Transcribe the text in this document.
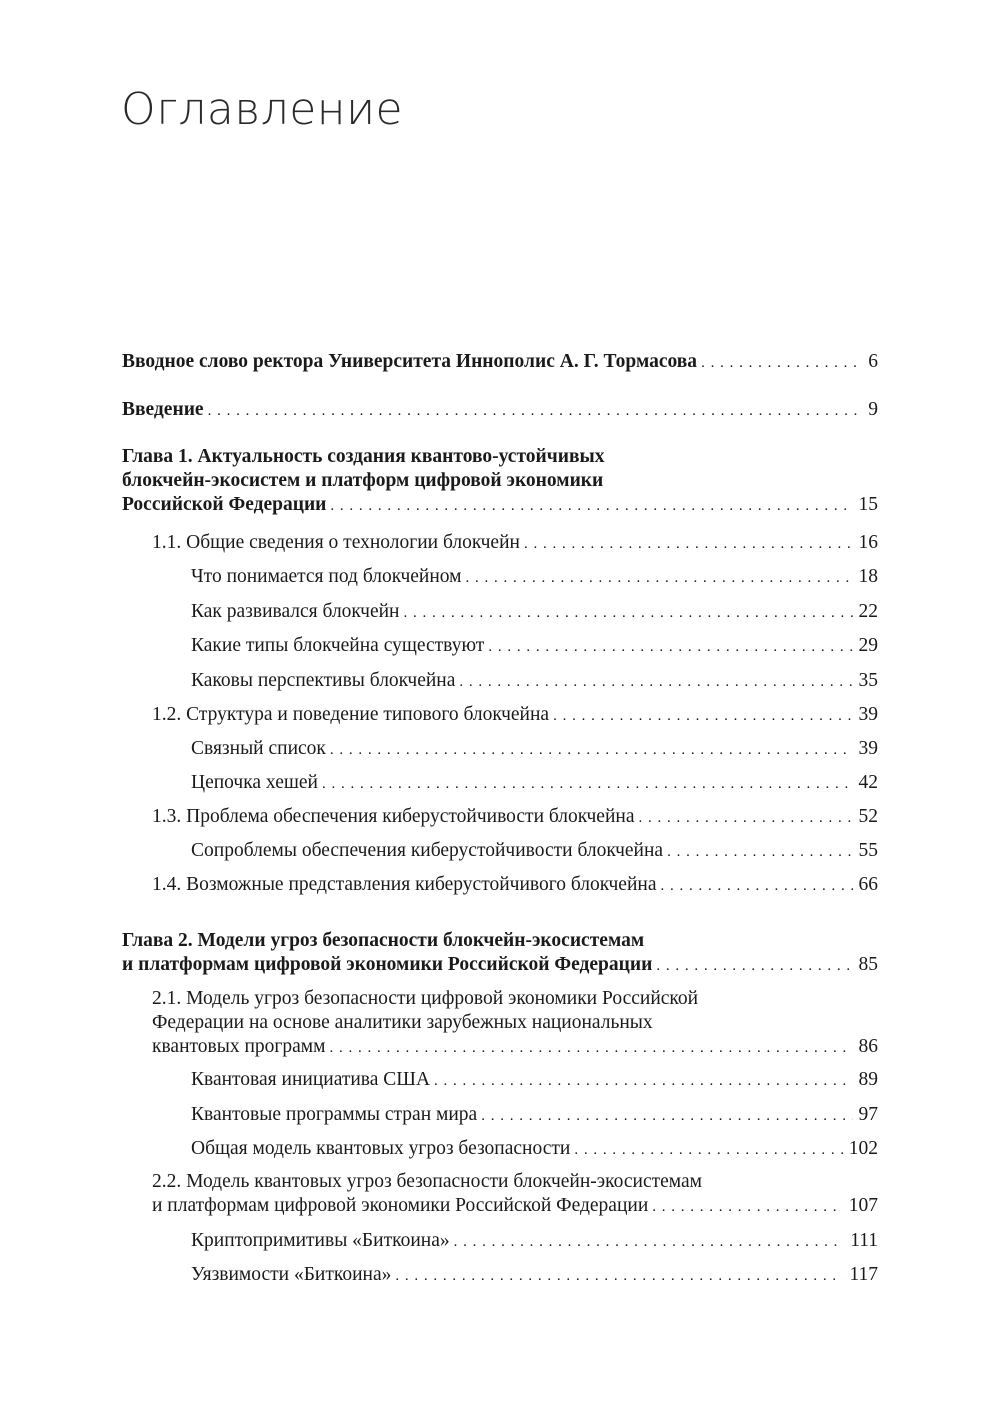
Оглавление
Вводное слово ректора Университета Иннополис А. Г. Тормасова . . .	6
Введение . . .	9
Глава 1. Актуальность создания квантово-устойчивых
блокчейн-экосистем и платформ цифровой экономики
Российской Федерации . . .	15
1.1. Общие сведения о технологии блокчейн . . .	16
Что понимается под блокчейном . . .	18
Как развивался блокчейн . . .	22
Какие типы блокчейна существуют . . .	29
Каковы перспективы блокчейна . . .	35
1.2. Структура и поведение типового блокчейна . . .	39
Связный список . . .	39
Цепочка хешей . . .	42
1.3. Проблема обеспечения киберустойчивости блокчейна . . .	52
Сопроблемы обеспечения киберустойчивости блокчейна . . .	55
1.4. Возможные представления киберустойчивого блокчейна . . .	66
Глава 2. Модели угроз безопасности блокчейн-экосистемам
и платформам цифровой экономики Российской Федерации . . .	85
2.1. Модель угроз безопасности цифровой экономики Российской
Федерации на основе аналитики зарубежных национальных
квантовых программ . . .	86
Квантовая инициатива США . . .	89
Квантовые программы стран мира . . .	97
Общая модель квантовых угроз безопасности . . .	102
2.2. Модель квантовых угроз безопасности блокчейн-экосистемам
и платформам цифровой экономики Российской Федерации . . .	107
Криптопримитивы «Биткоина» . . .	111
Уязвимости «Биткоина» . . .	117
